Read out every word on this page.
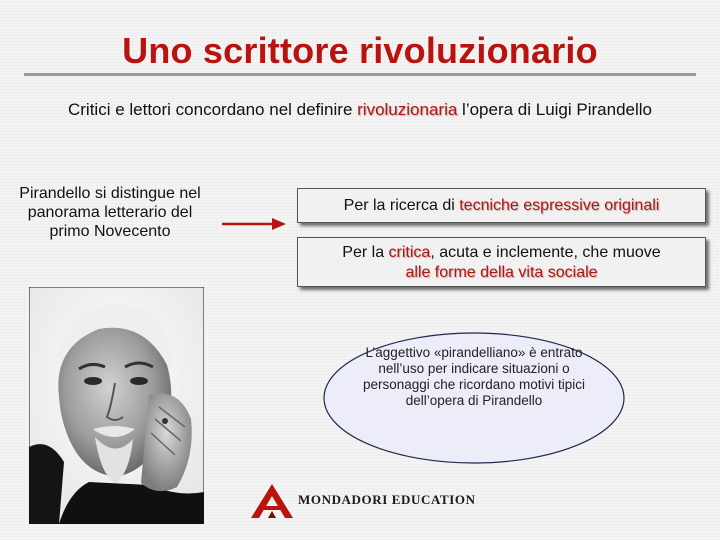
Uno scrittore rivoluzionario
Critici e lettori concordano nel definire rivoluzionaria l’opera di Luigi Pirandello
Pirandello si distingue nel panorama letterario del primo Novecento
Per la ricerca di tecniche espressive originali
Per la critica, acuta e inclemente, che muove
alle forme della vita sociale
L’aggettivo «pirandelliano» è entrato nell’uso per indicare situazioni o personaggi che ricordano motivi tipici dell’opera di Pirandello
MONDADORI EDUCATION
